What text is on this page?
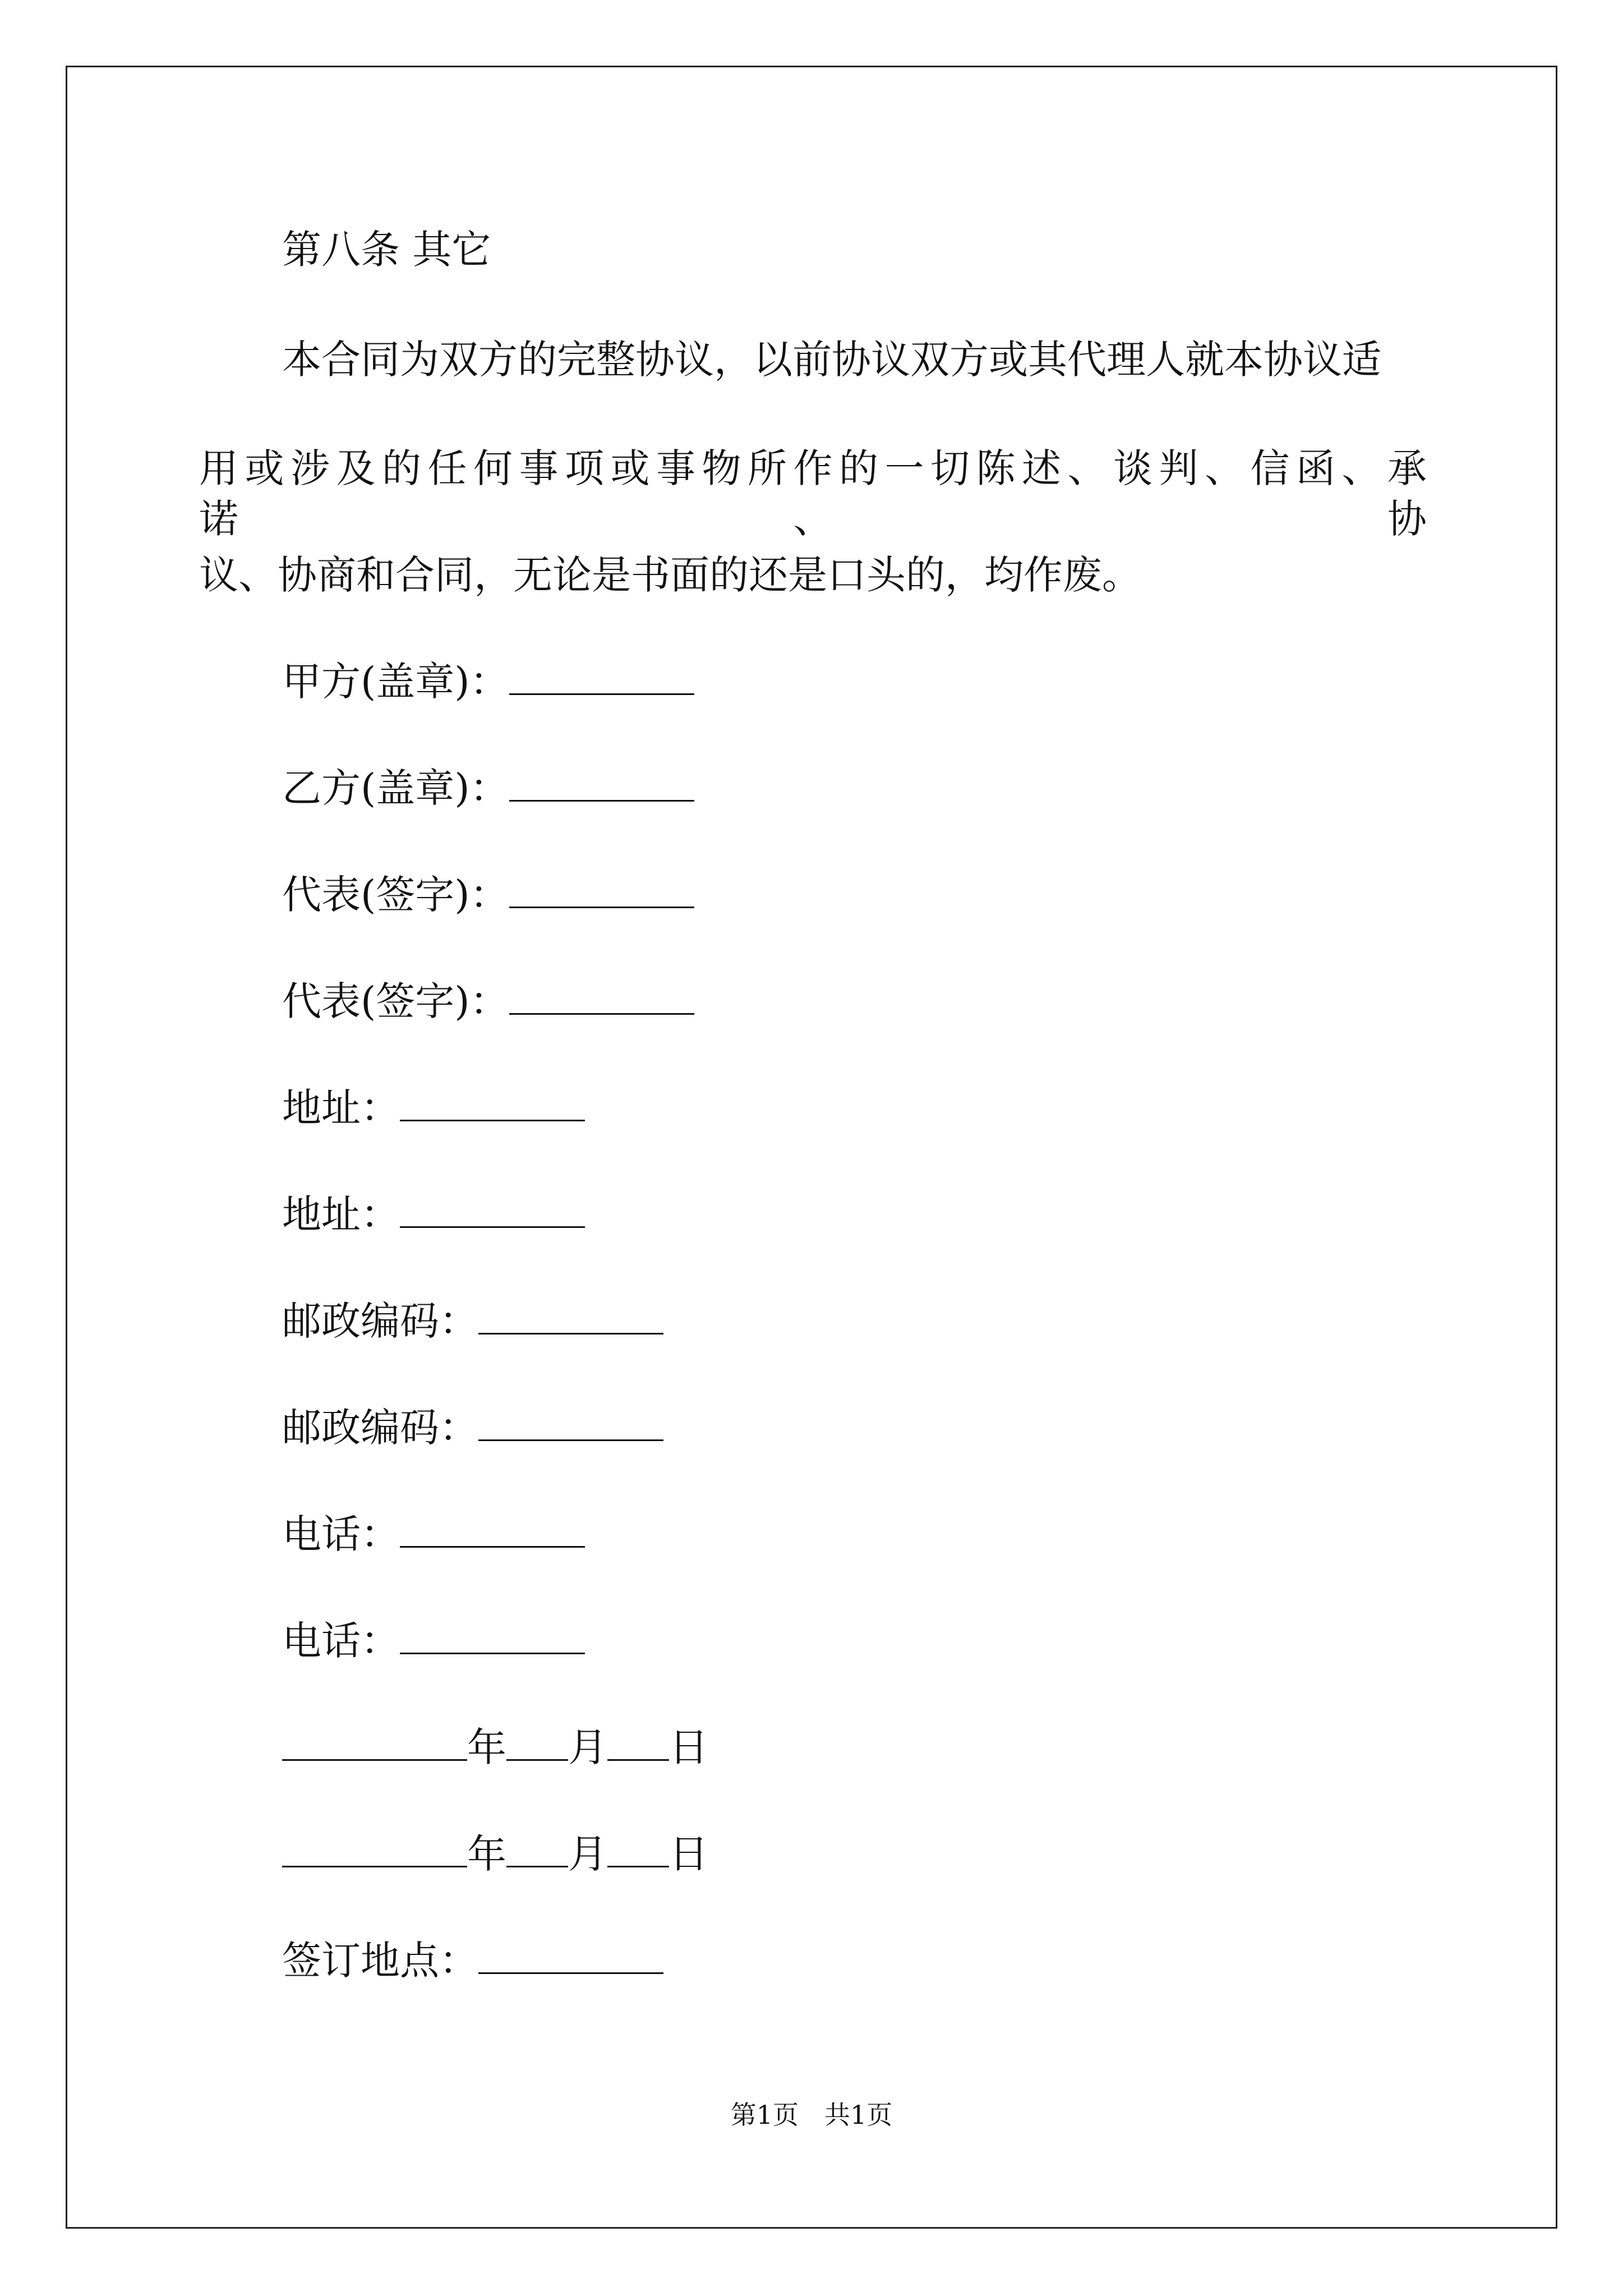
第八条 其它
本合同为双方的完整协议，以前协议双方或其代理人就本协议适
用或涉及的任何事项或事物所作的一切陈述、谈判、信函、承诺、协
议、协商和合同，无论是书面的还是口头的，均作废。
甲方(盖章)：
乙方(盖章)：
代表(签字)：
代表(签字)：
地址：
地址：
邮政编码：
邮政编码：
电话：
电话：
年 月 日
年 月 日
签订地点：
第1页　共1页
